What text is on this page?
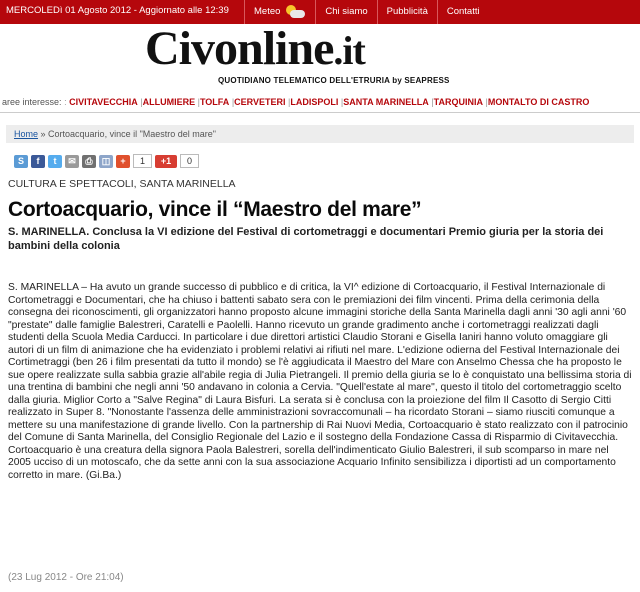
MERCOLEDì 01 Agosto 2012 - Aggiornato alle 12:39	Meteo	Chi siamo	Pubblicità	Contatti
Civonline.it
QUOTIDIANO TELEMATICO DELL'ETRURIA by SEAPRESS
aree interesse: : CIVITAVECCHIA |ALLUMIERE |TOLFA |CERVETERI |LADISPOLI |SANTA MARINELLA |TARQUINIA |MONTALTO DI CASTRO
Home » Cortoacquario, vince il "Maestro del mare"
S	f	t	✉	⎙	◫	+	1	+1	0
CULTURA E SPETTACOLI, SANTA MARINELLA
Cortoacquario, vince il “Maestro del mare”
S. MARINELLA. Conclusa la VI edizione del Festival di cortometraggi e documentari Premio giuria per la storia dei bambini della colonia

S. MARINELLA – Ha avuto un grande successo di pubblico e di critica, la VI^ edizione di Cortoacquario, il Festival Internazionale di Cortometraggi e Documentari, che ha chiuso i battenti sabato sera con le premiazioni dei film vincenti. Prima della cerimonia della consegna dei riconoscimenti, gli organizzatori hanno proposto alcune immagini storiche della Santa Marinella dagli anni '30 agli anni '60 "prestate" dalle famiglie Balestreri, Caratelli e Paolelli. Hanno ricevuto un grande gradimento anche i cortometraggi realizzati dagli studenti della Scuola Media Carducci. In particolare i due direttori artistici Claudio Storani e Gisella Ianiri hanno voluto omaggiare gli autori di un film di animazione che ha evidenziato i problemi relativi ai rifiuti nel mare. L'edizione odierna del Festival Internazionale dei Cortimetraggi (ben 26 i film presentati da tutto il mondo) se l'è aggiudicata il Maestro del Mare con Anselmo Chessa che ha proposto le sue opere realizzate sulla sabbia grazie all'abile regia di Julia Pietrangeli. Il premio della giuria se lo è conquistato una bellissima storia di una trentina di bambini che negli anni '50 andavano in colonia a Cervia. "Quell'estate al mare", questo il titolo del cortometraggio scelto dalla giuria. Miglior Corto a "Salve Regina" di Laura Bisfuri. La serata si è conclusa con la proiezione del film Il Casotto di Sergio Citti realizzato in Super 8. "Nonostante l'assenza delle amministrazioni sovraccomunali – ha ricordato Storani – siamo riusciti comunque a mettere su una manifestazione di grande livello. Con la partnership di Rai Nuovi Media, Cortoacquario è stato realizzato con il patrocinio del Comune di Santa Marinella, del Consiglio Regionale del Lazio e il sostegno della Fondazione Cassa di Risparmio di Civitavecchia. Cortoacquario è una creatura della signora Paola Balestreri, sorella dell'indimenticato Giulio Balestreri, il sub scomparso in mare nel 2005 ucciso di un motoscafo, che da sette anni con la sua associazione Acquario Infinito sensibilizza i diportisti ad un comportamento corretto in mare. (Gi.Ba.)

(23 Lug 2012 - Ore 21:04)
